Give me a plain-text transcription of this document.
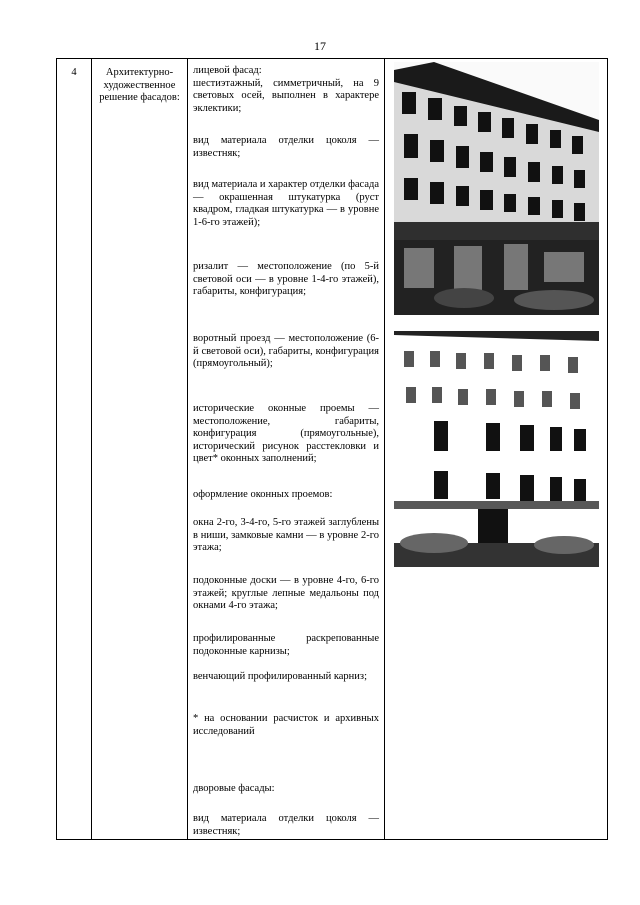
17
4	Архитектурно-художественное решение фасадов:

лицевой фасад:

шестиэтажный, симметричный, на 9 световых осей, выполнен в характере эклектики;

вид материала отделки цоколя — известняк;

вид материала и характер отделки фасада — окрашенная штукатурка (руст квадром, гладкая штукатурка — в уровне 1-6-го этажей);

ризалит — местоположение (по 5-й световой оси — в уровне 1-4-го этажей), габариты, конфигурация;

воротный проезд — местоположение (6-й световой оси), габариты, конфигурация (прямоугольный);

исторические оконные проемы — местоположение, габариты, конфигурация (прямоугольные), исторический рисунок расстекловки и цвет* оконных заполнений;

оформление оконных проемов:

окна 2-го, 3-4-го, 5-го этажей заглублены в ниши, замковые камни — в уровне 2-го этажа;

подоконные доски — в уровне 4-го, 6-го этажей; круглые лепные медальоны под окнами 4-го этажа;

профилированные раскрепованные подоконные карнизы;

венчающий профилированный карниз;

* на основании расчисток и архивных исследований

дворовые фасады:

вид материала отделки цоколя — известняк;
